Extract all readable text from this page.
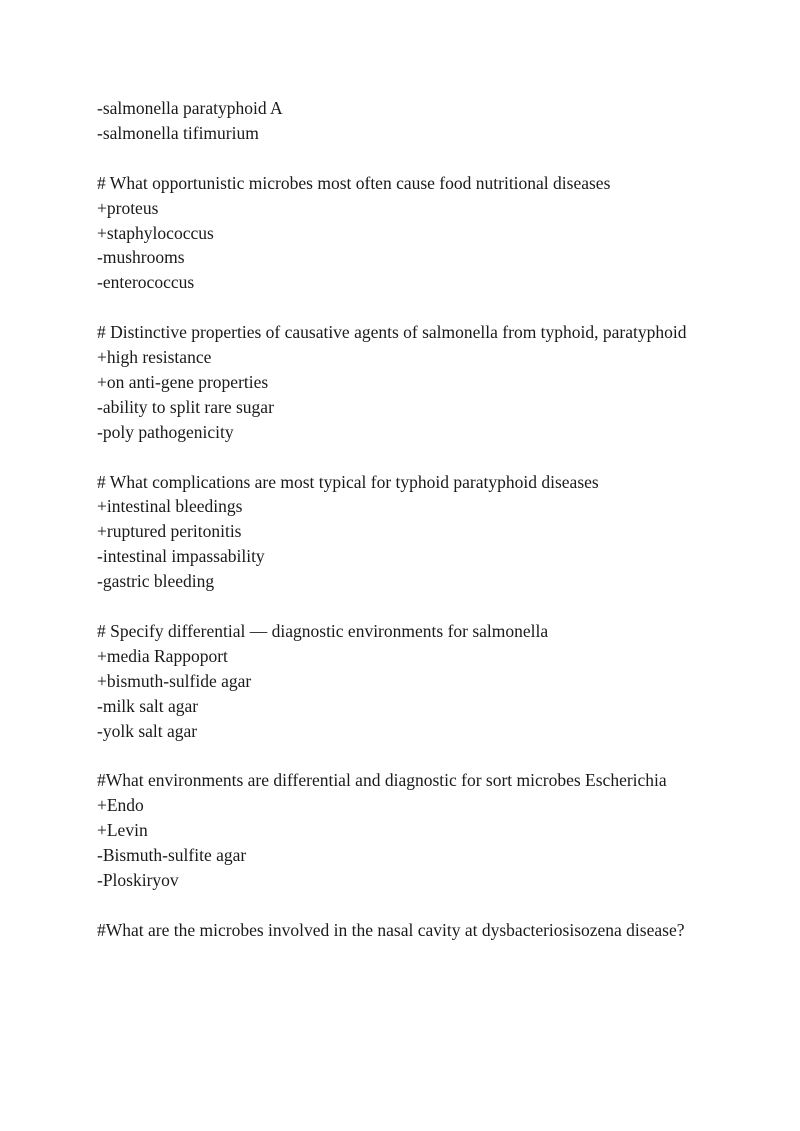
-salmonella paratyphoid A
-salmonella tifimurium
# What opportunistic microbes most often cause food nutritional diseases
+proteus
+staphylococcus
-mushrooms
-enterococcus
# Distinctive properties of causative agents of salmonella from typhoid, paratyphoid
+high resistance
+on anti-gene properties
-ability to split rare sugar
-poly pathogenicity
# What complications are most typical for typhoid paratyphoid diseases
+intestinal bleedings
+ruptured peritonitis
-intestinal impassability
-gastric bleeding
# Specify differential — diagnostic environments for salmonella
+media Rappoport
+bismuth-sulfide agar
-milk salt agar
-yolk salt agar
#What environments are differential and diagnostic for sort microbes Escherichia
+Endo
+Levin
-Bismuth-sulfite agar
-Ploskiryov
#What are the microbes involved in the nasal cavity at dysbacteriosisozena disease?
